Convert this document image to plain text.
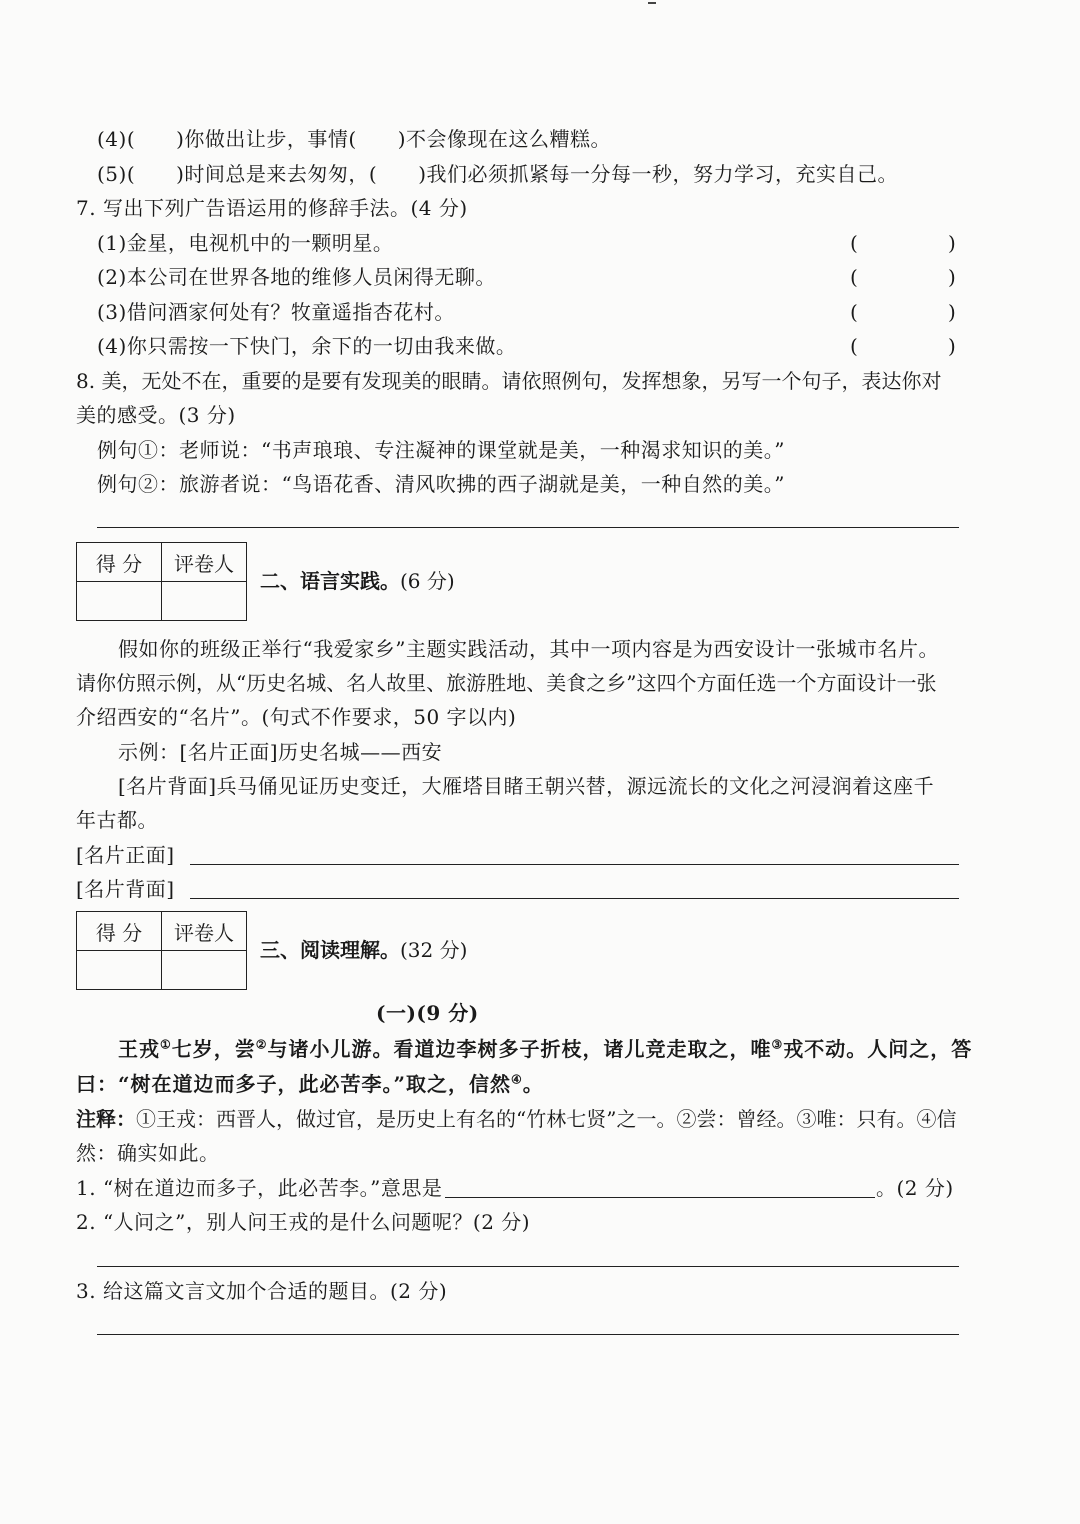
(4)(　　)你做出让步，事情(　　)不会像现在这么糟糕。
(5)(　　)时间总是来去匆匆，(　　)我们必须抓紧每一分每一秒，努力学习，充实自己。
7. 写出下列广告语运用的修辞手法。(4 分)
(1)金星，电视机中的一颗明星。	(	)
(2)本公司在世界各地的维修人员闲得无聊。	(	)
(3)借问酒家何处有？牧童遥指杏花村。	(	)
(4)你只需按一下快门，余下的一切由我来做。	(	)
8. 美，无处不在，重要的是要有发现美的眼睛。请依照例句，发挥想象，另写一个句子，表达你对
美的感受。(3 分)
例句①：老师说：“书声琅琅、专注凝神的课堂就是美，一种渴求知识的美。”
例句②：旅游者说：“鸟语花香、清风吹拂的西子湖就是美，一种自然的美。”
得 分	评卷人

二、语言实践。(6 分)
假如你的班级正举行“我爱家乡”主题实践活动，其中一项内容是为西安设计一张城市名片。
请你仿照示例，从“历史名城、名人故里、旅游胜地、美食之乡”这四个方面任选一个方面设计一张
介绍西安的“名片”。(句式不作要求，50 字以内)
示例：[名片正面]历史名城——西安
[名片背面]兵马俑见证历史变迁，大雁塔目睹王朝兴替，源远流长的文化之河浸润着这座千
年古都。
[名片正面]
[名片背面]
得 分	评卷人

三、阅读理解。(32 分)
(一)(9 分)
王戎①七岁，尝②与诸小儿游。看道边李树多子折枝，诸儿竞走取之，唯③戎不动。人问之，答
曰：“树在道边而多子，此必苦李。”取之，信然④。
注释：①王戎：西晋人，做过官，是历史上有名的“竹林七贤”之一。②尝：曾经。③唯：只有。④信
然：确实如此。
1. “树在道边而多子，此必苦李。”意思是	。(2 分)
2. “人问之”，别人问王戎的是什么问题呢？(2 分)
3. 给这篇文言文加个合适的题目。(2 分)
